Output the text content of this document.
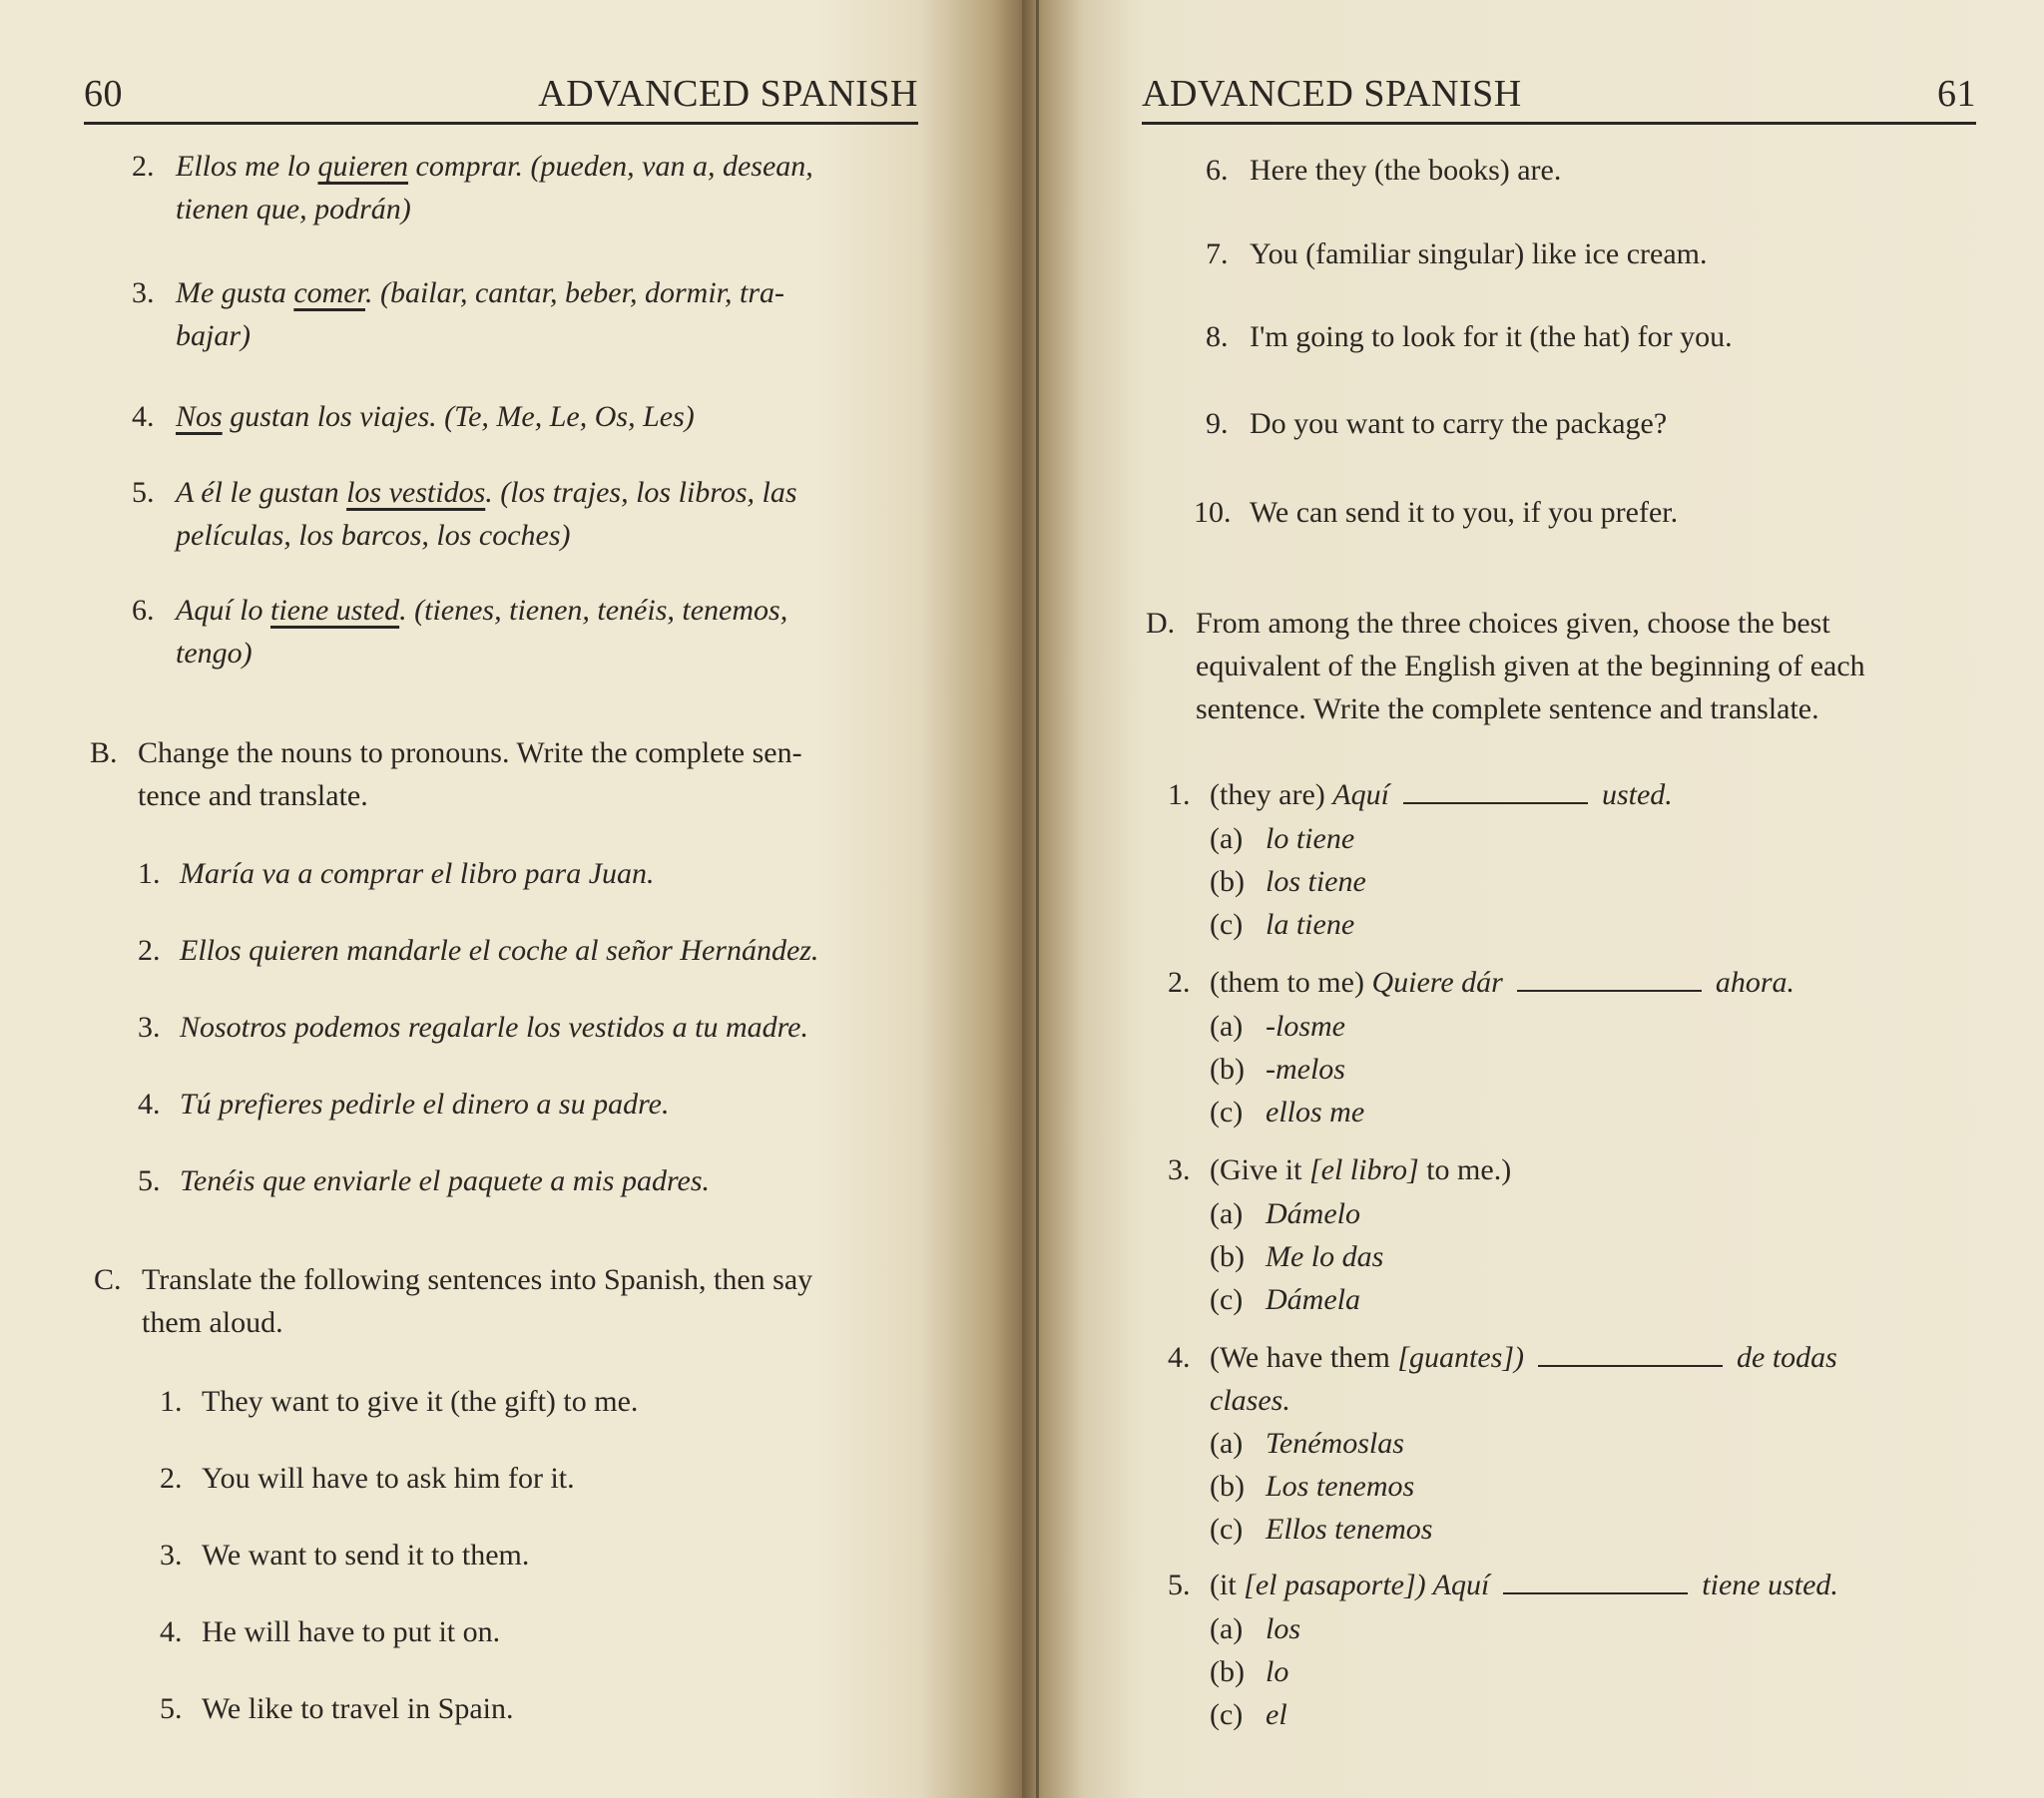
60	ADVANCED SPANISH
2. Ellos me lo quieren comprar. (pueden, van a, desean,
tienen que, podrán)
3. Me gusta comer. (bailar, cantar, beber, dormir, tra-
bajar)
4. Nos gustan los viajes. (Te, Me, Le, Os, Les)
5. A él le gustan los vestidos. (los trajes, los libros, las
películas, los barcos, los coches)
6. Aquí lo tiene usted. (tienes, tienen, tenéis, tenemos,
tengo)
B. Change the nouns to pronouns. Write the complete sen-
tence and translate.
1. María va a comprar el libro para Juan.
2. Ellos quieren mandarle el coche al señor Hernández.
3. Nosotros podemos regalarle los vestidos a tu madre.
4. Tú prefieres pedirle el dinero a su padre.
5. Tenéis que enviarle el paquete a mis padres.
C. Translate the following sentences into Spanish, then say
them aloud.
1. They want to give it (the gift) to me.
2. You will have to ask him for it.
3. We want to send it to them.
4. He will have to put it on.
5. We like to travel in Spain.
ADVANCED SPANISH	61
6. Here they (the books) are.
7. You (familiar singular) like ice cream.
8. I'm going to look for it (the hat) for you.
9. Do you want to carry the package?
10. We can send it to you, if you prefer.
D. From among the three choices given, choose the best
equivalent of the English given at the beginning of each
sentence. Write the complete sentence and translate.
1. (they are) Aquí	usted.
(a) lo tiene
(b) los tiene
(c) la tiene
2. (them to me) Quiere dár	ahora.
(a) -losme
(b) -melos
(c) ellos me
3. (Give it [el libro] to me.)
(a) Dámelo
(b) Me lo das
(c) Dámela
4. (We have them [guantes])	de todas
clases.
(a) Tenémoslas
(b) Los tenemos
(c) Ellos tenemos
5. (it [el pasaporte]) Aquí	tiene usted.
(a) los
(b) lo
(c) el
